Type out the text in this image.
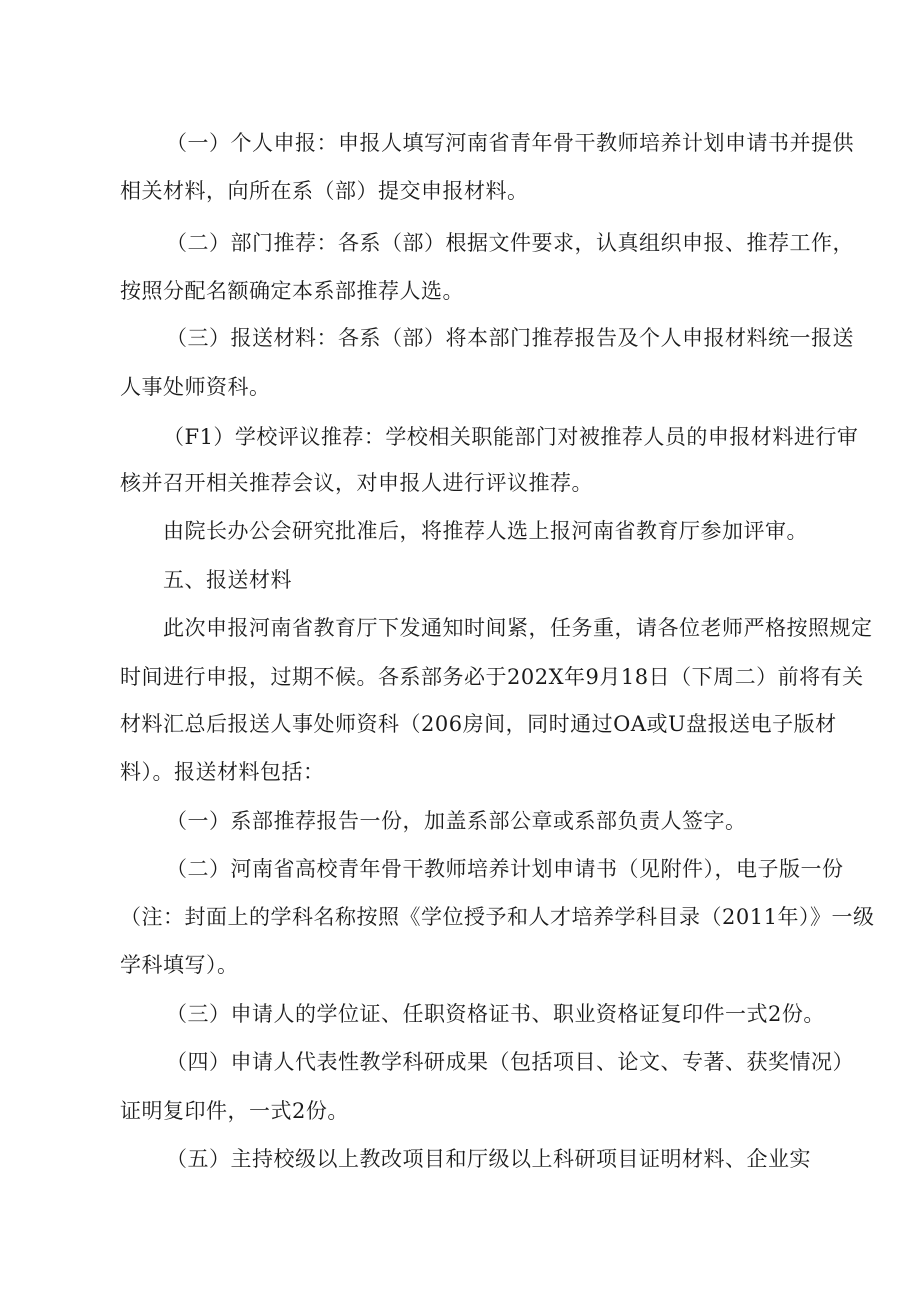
（一）个人申报：申报人填写河南省青年骨干教师培养计划申请书并提供
相关材料，向所在系（部）提交申报材料。
（二）部门推荐：各系（部）根据文件要求，认真组织申报、推荐工作，
按照分配名额确定本系部推荐人选。
（三）报送材料：各系（部）将本部门推荐报告及个人申报材料统一报送
人事处师资科。
（F1）学校评议推荐：学校相关职能部门对被推荐人员的申报材料进行审
核并召开相关推荐会议，对申报人进行评议推荐。
由院长办公会研究批准后，将推荐人选上报河南省教育厅参加评审。
五、报送材料
此次申报河南省教育厅下发通知时间紧，任务重，请各位老师严格按照规定
时间进行申报，过期不候。各系部务必于202X年9月18日（下周二）前将有关
材料汇总后报送人事处师资科（206房间，同时通过OA或U盘报送电子版材
料）。报送材料包括：
（一）系部推荐报告一份，加盖系部公章或系部负责人签字。
（二）河南省高校青年骨干教师培养计划申请书（见附件），电子版一份
（注：封面上的学科名称按照《学位授予和人才培养学科目录（2011年）》一级
学科填写）。
（三）申请人的学位证、任职资格证书、职业资格证复印件一式2份。
（四）申请人代表性教学科研成果（包括项目、论文、专著、获奖情况）
证明复印件，一式2份。
（五）主持校级以上教改项目和厅级以上科研项目证明材料、企业实
